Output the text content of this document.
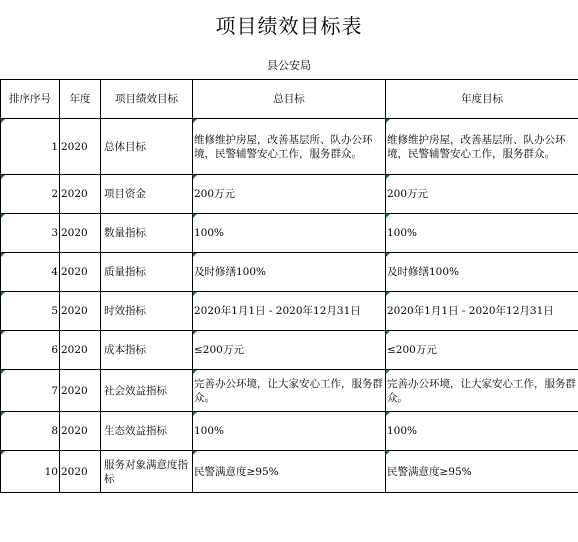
项目绩效目标表
县公安局
排序序号	年度	项目绩效目标	总目标	年度目标
1	2020	总体目标	维修维护房屋，改善基层所、队办公环境，民警辅警安心工作，服务群众。	维修维护房屋，改善基层所、队办公环境，民警辅警安心工作，服务群众。
2	2020	项目资金	200万元	200万元
3	2020	数量指标	100%	100%
4	2020	质量指标	及时修缮100%	及时修缮100%
5	2020	时效指标	2020年1月1日 - 2020年12月31日	2020年1月1日 - 2020年12月31日
6	2020	成本指标	≤200万元	≤200万元
7	2020	社会效益指标	完善办公环境，让大家安心工作，服务群众。	完善办公环境，让大家安心工作，服务群众。
8	2020	生态效益指标	100%	100%
10	2020	服务对象满意度指标	民警满意度≥95%	民警满意度≥95%
